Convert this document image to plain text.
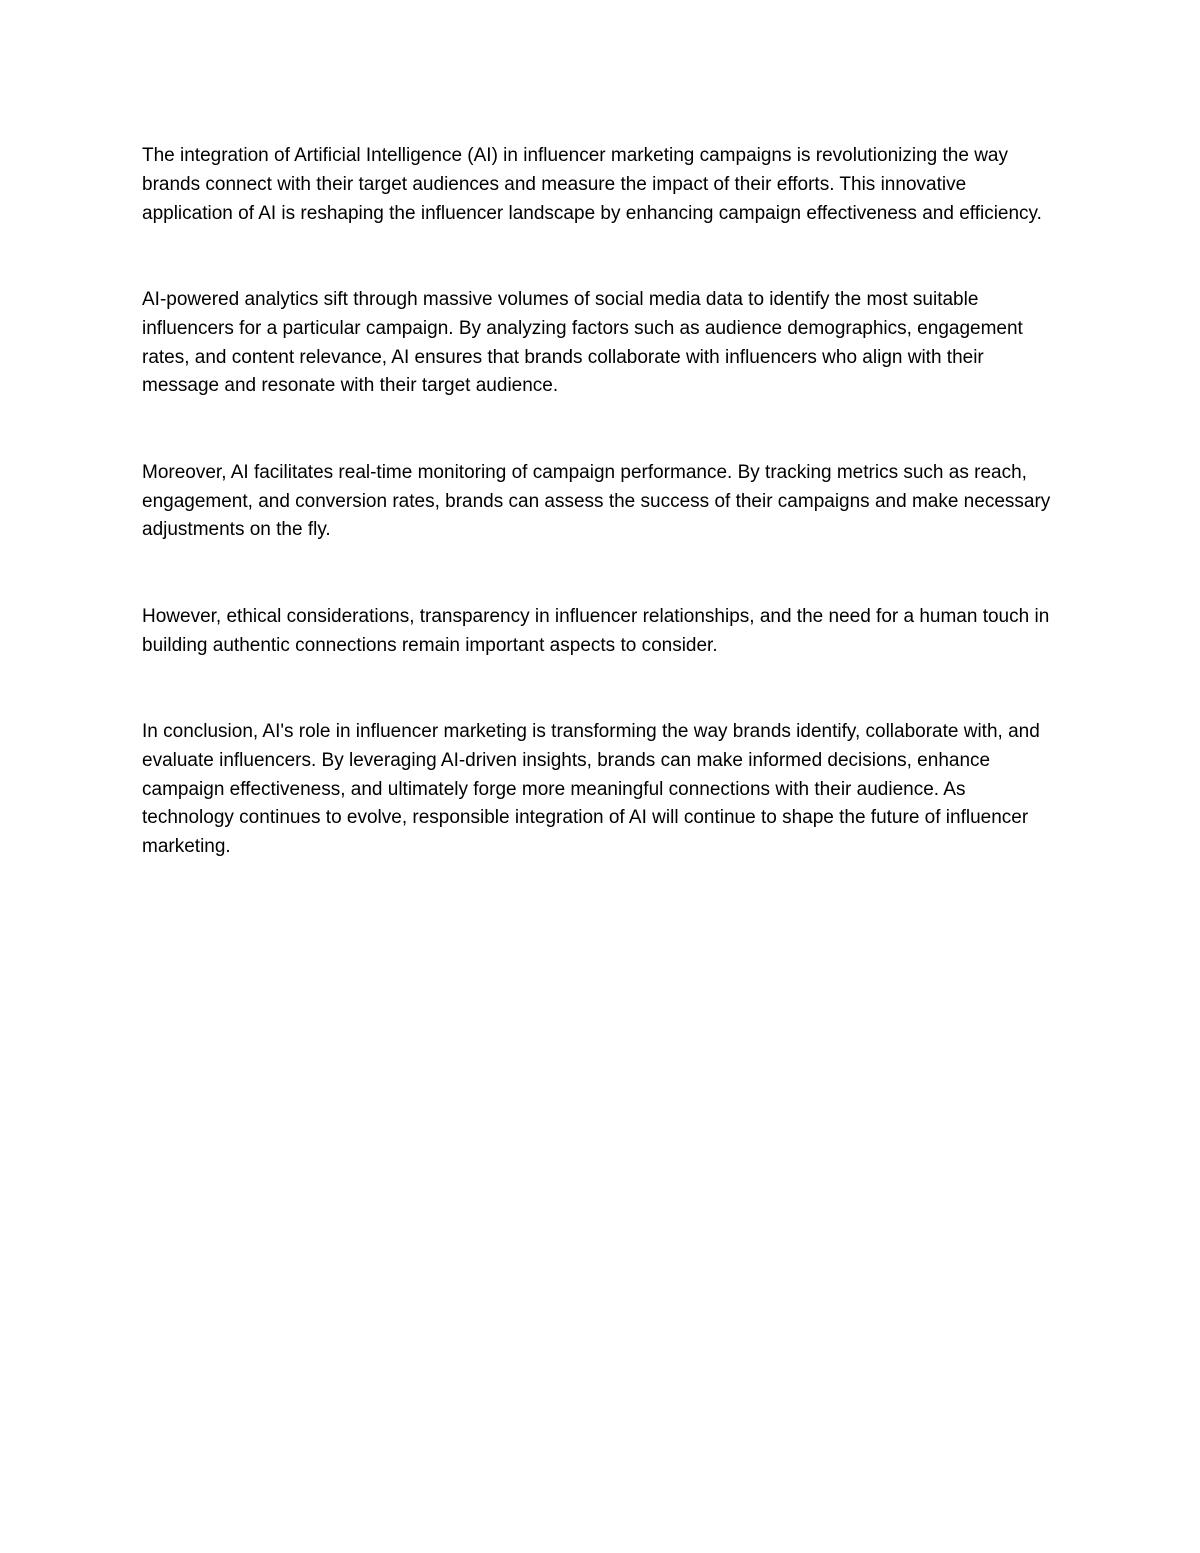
The integration of Artificial Intelligence (AI) in influencer marketing campaigns is revolutionizing the way brands connect with their target audiences and measure the impact of their efforts. This innovative application of AI is reshaping the influencer landscape by enhancing campaign effectiveness and efficiency.

AI-powered analytics sift through massive volumes of social media data to identify the most suitable influencers for a particular campaign. By analyzing factors such as audience demographics, engagement rates, and content relevance, AI ensures that brands collaborate with influencers who align with their message and resonate with their target audience.

Moreover, AI facilitates real-time monitoring of campaign performance. By tracking metrics such as reach, engagement, and conversion rates, brands can assess the success of their campaigns and make necessary adjustments on the fly.

However, ethical considerations, transparency in influencer relationships, and the need for a human touch in building authentic connections remain important aspects to consider.

In conclusion, AI's role in influencer marketing is transforming the way brands identify, collaborate with, and evaluate influencers. By leveraging AI-driven insights, brands can make informed decisions, enhance campaign effectiveness, and ultimately forge more meaningful connections with their audience. As technology continues to evolve, responsible integration of AI will continue to shape the future of influencer marketing.
